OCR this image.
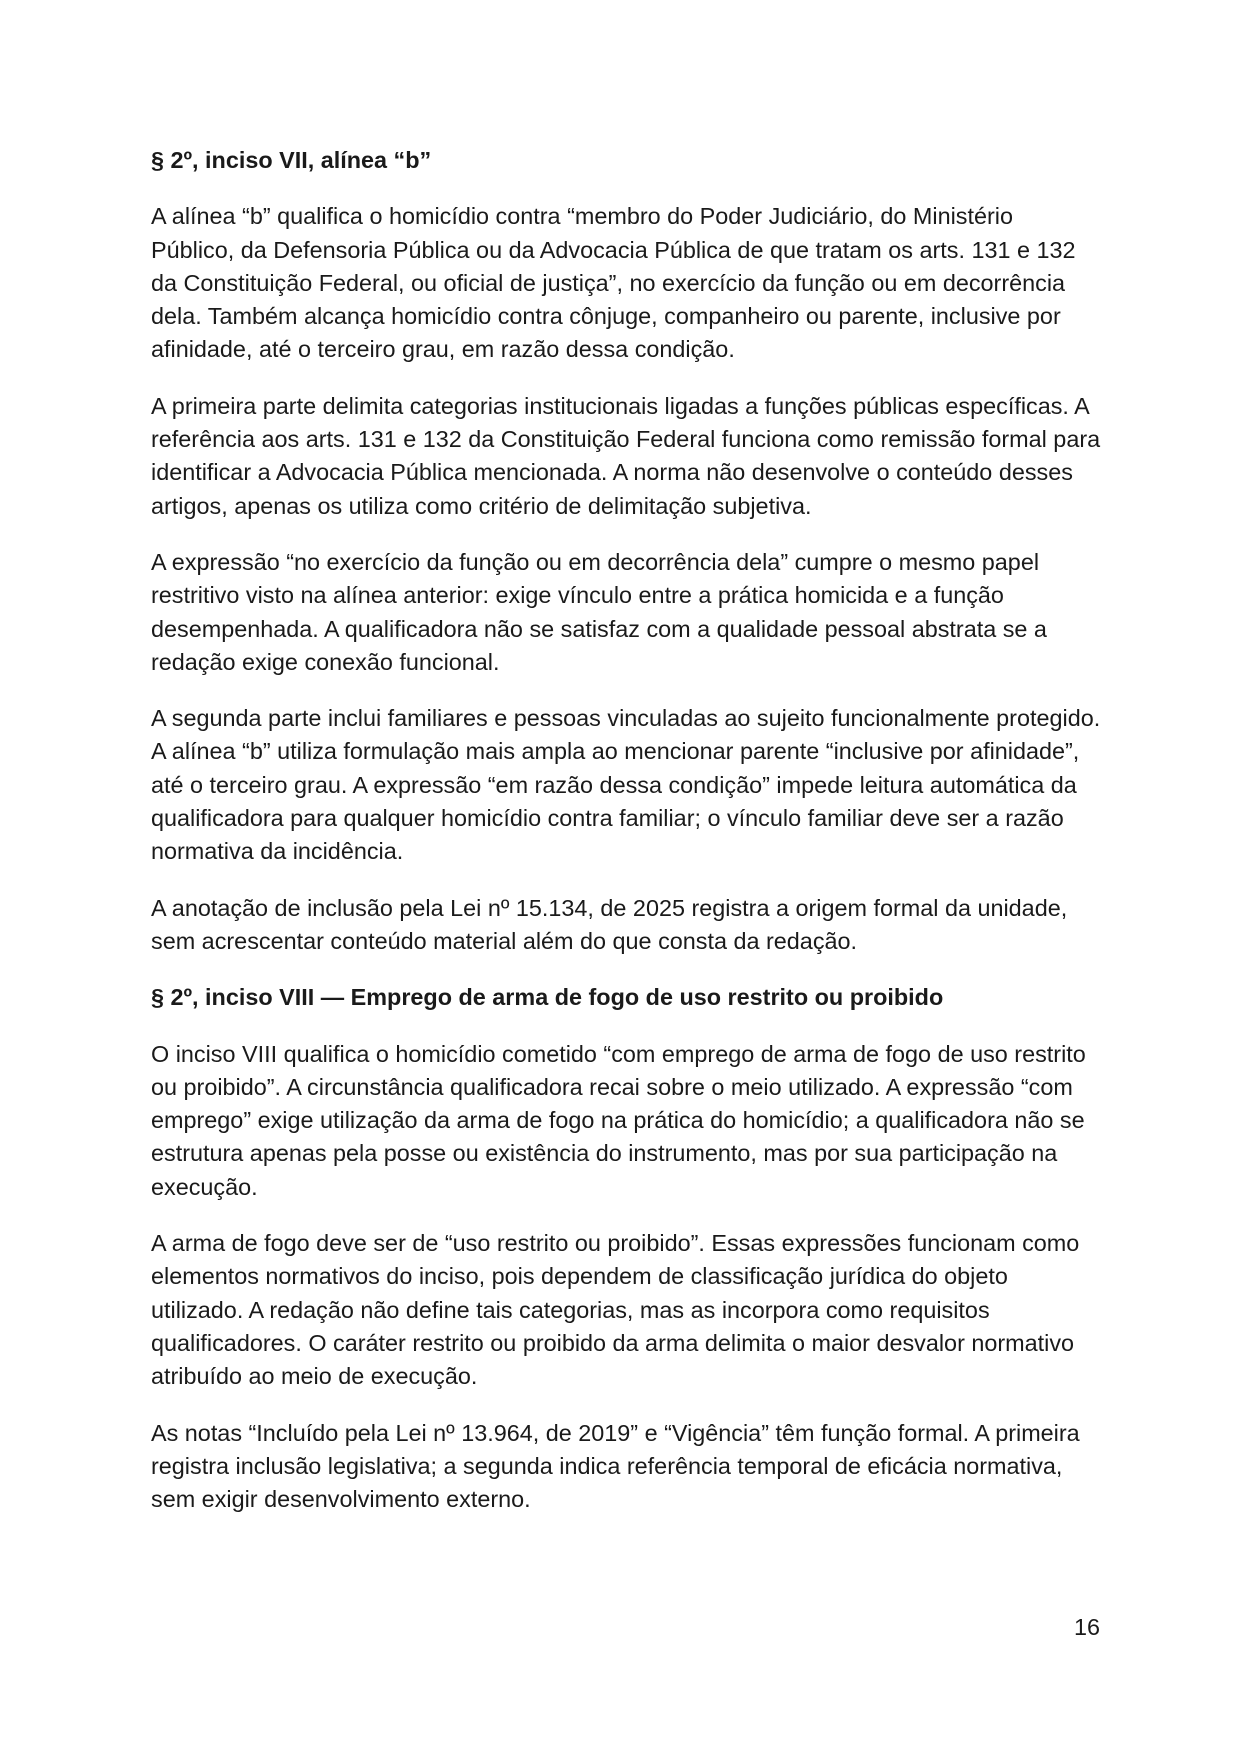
§ 2º, inciso VII, alínea “b”

A alínea “b” qualifica o homicídio contra “membro do Poder Judiciário, do Ministério Público, da Defensoria Pública ou da Advocacia Pública de que tratam os arts. 131 e 132 da Constituição Federal, ou oficial de justiça”, no exercício da função ou em decorrência dela. Também alcança homicídio contra cônjuge, companheiro ou parente, inclusive por afinidade, até o terceiro grau, em razão dessa condição.

A primeira parte delimita categorias institucionais ligadas a funções públicas específicas. A referência aos arts. 131 e 132 da Constituição Federal funciona como remissão formal para identificar a Advocacia Pública mencionada. A norma não desenvolve o conteúdo desses artigos, apenas os utiliza como critério de delimitação subjetiva.

A expressão “no exercício da função ou em decorrência dela” cumpre o mesmo papel restritivo visto na alínea anterior: exige vínculo entre a prática homicida e a função desempenhada. A qualificadora não se satisfaz com a qualidade pessoal abstrata se a redação exige conexão funcional.

A segunda parte inclui familiares e pessoas vinculadas ao sujeito funcionalmente protegido. A alínea “b” utiliza formulação mais ampla ao mencionar parente “inclusive por afinidade”, até o terceiro grau. A expressão “em razão dessa condição” impede leitura automática da qualificadora para qualquer homicídio contra familiar; o vínculo familiar deve ser a razão normativa da incidência.

A anotação de inclusão pela Lei nº 15.134, de 2025 registra a origem formal da unidade, sem acrescentar conteúdo material além do que consta da redação.

§ 2º, inciso VIII — Emprego de arma de fogo de uso restrito ou proibido

O inciso VIII qualifica o homicídio cometido “com emprego de arma de fogo de uso restrito ou proibido”. A circunstância qualificadora recai sobre o meio utilizado. A expressão “com emprego” exige utilização da arma de fogo na prática do homicídio; a qualificadora não se estrutura apenas pela posse ou existência do instrumento, mas por sua participação na execução.

A arma de fogo deve ser de “uso restrito ou proibido”. Essas expressões funcionam como elementos normativos do inciso, pois dependem de classificação jurídica do objeto utilizado. A redação não define tais categorias, mas as incorpora como requisitos qualificadores. O caráter restrito ou proibido da arma delimita o maior desvalor normativo atribuído ao meio de execução.

As notas “Incluído pela Lei nº 13.964, de 2019” e “Vigência” têm função formal. A primeira registra inclusão legislativa; a segunda indica referência temporal de eficácia normativa, sem exigir desenvolvimento externo.

16
